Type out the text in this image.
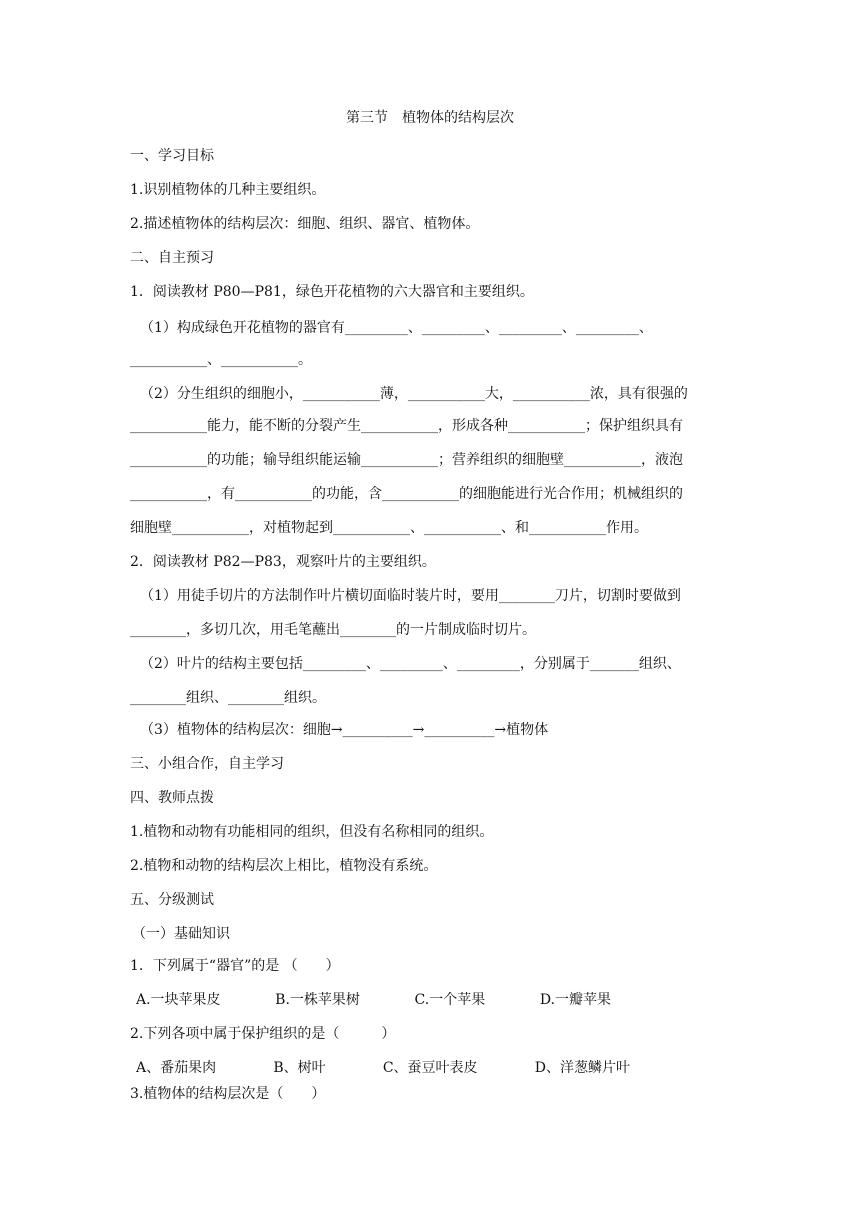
第三节　植物体的结构层次
一、学习目标
1.识别植物体的几种主要组织。
2.描述植物体的结构层次：细胞、组织、器官、植物体。
二、自主预习
1．阅读教材 P80—P81，绿色开花植物的六大器官和主要组织。
（1）构成绿色开花植物的器官有_________、_________、_________、_________、
___________、___________。
（2）分生组织的细胞小，___________薄，___________大，___________浓，具有很强的
___________能力，能不断的分裂产生___________，形成各种___________；保护组织具有
___________的功能；输导组织能运输___________；营养组织的细胞壁___________，液泡
___________，有___________的功能，含___________的细胞能进行光合作用；机械组织的
细胞壁___________，对植物起到___________、___________、和___________作用。
2．阅读教材 P82—P83，观察叶片的主要组织。
（1）用徒手切片的方法制作叶片横切面临时装片时，要用________刀片，切割时要做到
________，多切几次，用毛笔蘸出________的一片制成临时切片。
（2）叶片的结构主要包括_________、_________、_________，分别属于_______组织、
________组织、________组织。
（3）植物体的结构层次：细胞→__________→__________→植物体
三、小组合作，自主学习
四、教师点拨
1.植物和动物有功能相同的组织，但没有名称相同的组织。
2.植物和动物的结构层次上相比，植物没有系统。
五、分级测试
（一）基础知识
1．下列属于“器官”的是 （　　）
A.一块苹果皮	B.一株苹果树	C.一个苹果	D.一瓣苹果
2.下列各项中属于保护组织的是（　　　）
A、番茄果肉	B、树叶	C、蚕豆叶表皮	D、洋葱鳞片叶
3.植物体的结构层次是（　　）
